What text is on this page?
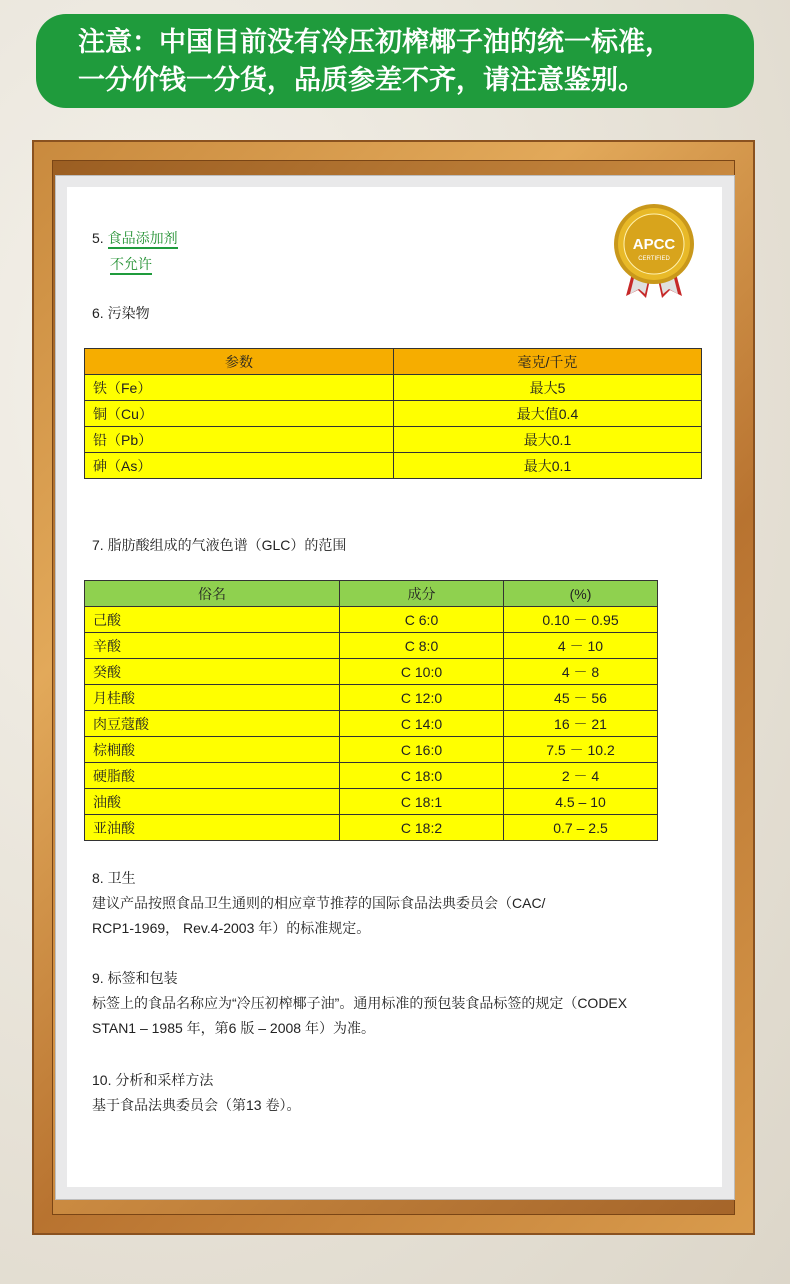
注意：中国目前没有冷压初榨椰子油的统一标准，
一分价钱一分货，品质参差不齐，请注意鉴别。
APCC
CERTIFIED
5. 食品添加剂
不允许
6. 污染物
参数	毫克/千克
铁（Fe）	最大5
铜（Cu）	最大值0.4
铅（Pb）	最大0.1
砷（As）	最大0.1
7. 脂肪酸组成的气液色谱（GLC）的范围
俗名	成分	(%)
己酸	C 6:0	0.10 － 0.95
辛酸	C 8:0	4 － 10
癸酸	C 10:0	4 － 8
月桂酸	C 12:0	45 － 56
肉豆蔻酸	C 14:0	16 － 21
棕榈酸	C 16:0	7.5 － 10.2
硬脂酸	C 18:0	2 － 4
油酸	C 18:1	4.5 – 10
亚油酸	C 18:2	0.7 – 2.5
8. 卫生
建议产品按照食品卫生通则的相应章节推荐的国际食品法典委员会（CAC/
RCP1-1969， Rev.4-2003 年）的标准规定。
9. 标签和包装
标签上的食品名称应为“冷压初榨椰子油”。通用标准的预包装食品标签的规定（CODEX
STAN1 – 1985 年，第6 版 – 2008 年）为准。
10. 分析和采样方法
基于食品法典委员会（第13 卷）。
